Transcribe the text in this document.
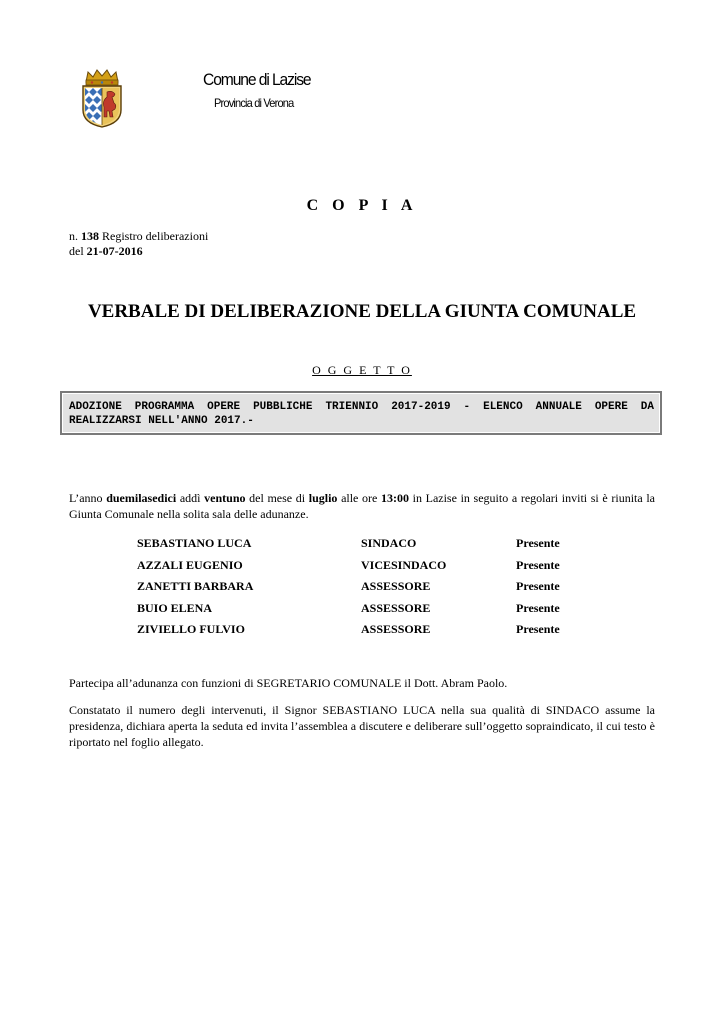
Comune di Lazise
Provincia di Verona
C O P I A
n. 138 Registro deliberazioni
del 21-07-2016
VERBALE DI DELIBERAZIONE DELLA GIUNTA COMUNALE
O G G E T T O
ADOZIONE PROGRAMMA OPERE PUBBLICHE TRIENNIO 2017-2019 - ELENCO ANNUALE OPERE DA REALIZZARSI NELL'ANNO 2017.-
L’anno duemilasedici addì ventuno del mese di luglio alle ore 13:00 in Lazise in seguito a regolari inviti si è riunita la Giunta Comunale nella solita sala delle adunanze.
SEBASTIANO LUCA	SINDACO	Presente
AZZALI EUGENIO	VICESINDACO	Presente
ZANETTI BARBARA	ASSESSORE	Presente
BUIO ELENA	ASSESSORE	Presente
ZIVIELLO FULVIO	ASSESSORE	Presente
Partecipa all’adunanza con funzioni di SEGRETARIO COMUNALE il Dott. Abram Paolo.
Constatato il numero degli intervenuti, il Signor SEBASTIANO LUCA nella sua qualità di SINDACO assume la presidenza, dichiara aperta la seduta ed invita l’assemblea a discutere e deliberare sull’oggetto sopraindicato, il cui testo è riportato nel foglio allegato.
